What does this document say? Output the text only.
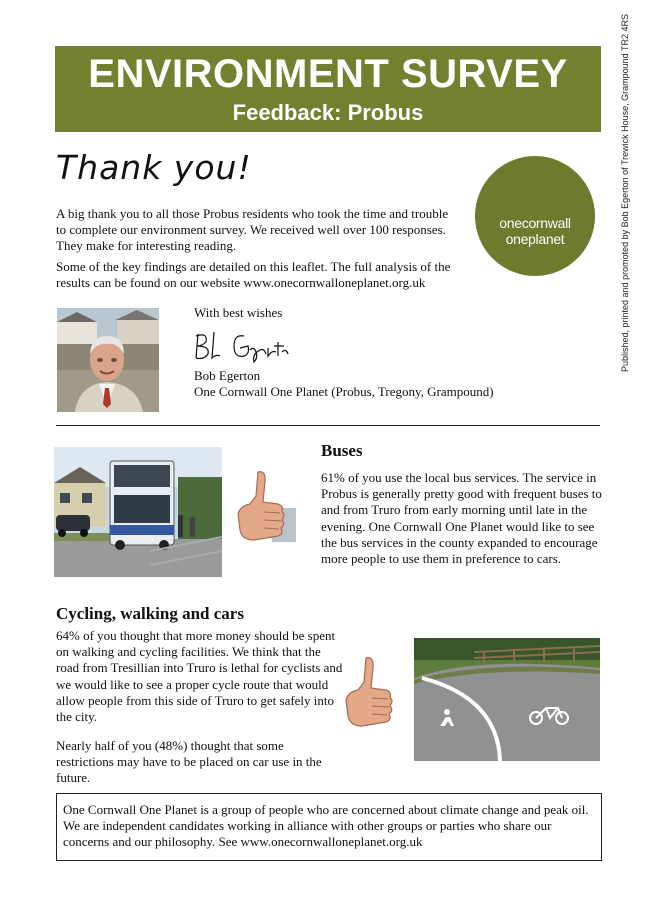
ENVIRONMENT SURVEY
Feedback: Probus
Thank you!
A big thank you to all those Probus residents who took the time and trouble to complete our environment survey. We received well over 100 responses. They make for interesting reading.
Some of the key findings are detailed on this leaflet. The full analysis of the results can be found on our website www.onecornwalloneplanet.org.uk
onecornwall
oneplanet
With best wishes
Bob Egerton
One Cornwall One Planet (Probus, Tregony, Grampound)
Buses
61% of you use the local bus services. The service in Probus is generally pretty good with frequent buses to and from Truro from early morning until late in the evening. One Cornwall One Planet would like to see the bus services in the county expanded to encourage more people to use them in preference to cars.
Cycling, walking and cars
64% of you thought that more money should be spent on walking and cycling facilities. We think that the road from Tresillian into Truro is lethal for cyclists and we would like to see a proper cycle route that would allow people from this side of Truro to get safely into the city.
Nearly half of you (48%) thought that some restrictions may have to be placed on car use in the future.
One Cornwall One Planet is a group of people who are concerned about climate change and peak oil. We are independent candidates working in alliance with other groups or parties who share our concerns and our philosophy. See www.onecornwalloneplanet.org.uk
Published, printed and promoted by Bob Egerton of Trewick House, Grampound TR2 4RS
